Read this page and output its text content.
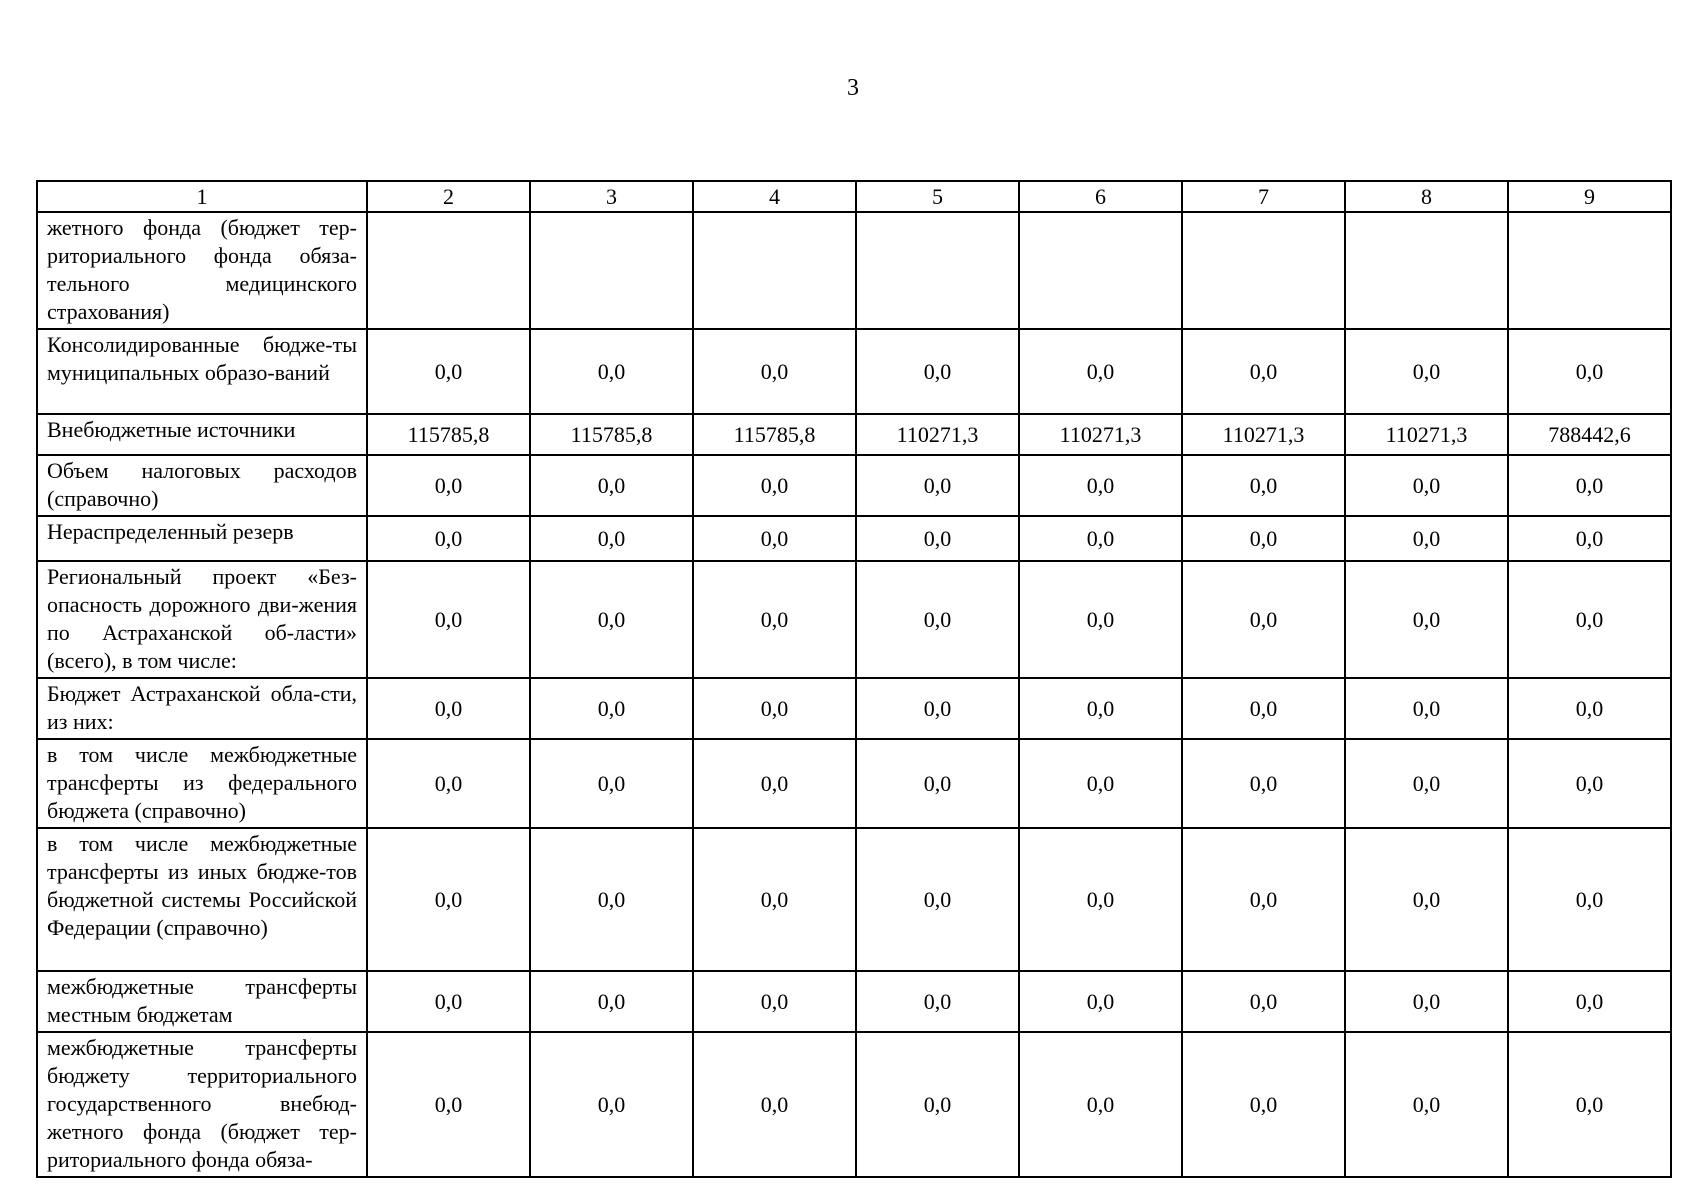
3
1	2	3	4	5	6	7	8	9
жетного фонда (бюджет тер-риториального фонда обяза-тельного медицинского страхования)								
Консолидированные бюдже-ты муниципальных образо-ваний	0,0	0,0	0,0	0,0	0,0	0,0	0,0	0,0
Внебюджетные источники	115785,8	115785,8	115785,8	110271,3	110271,3	110271,3	110271,3	788442,6
Объем налоговых расходов (справочно)	0,0	0,0	0,0	0,0	0,0	0,0	0,0	0,0
Нераспределенный резерв	0,0	0,0	0,0	0,0	0,0	0,0	0,0	0,0
Региональный проект «Без-опасность дорожного дви-жения по Астраханской об-ласти» (всего), в том числе:	0,0	0,0	0,0	0,0	0,0	0,0	0,0	0,0
Бюджет Астраханской обла-сти, из них:	0,0	0,0	0,0	0,0	0,0	0,0	0,0	0,0
в том числе межбюджетные трансферты из федерального бюджета (справочно)	0,0	0,0	0,0	0,0	0,0	0,0	0,0	0,0
в том числе межбюджетные трансферты из иных бюдже-тов бюджетной системы Российской Федерации (справочно)	0,0	0,0	0,0	0,0	0,0	0,0	0,0	0,0
межбюджетные трансферты местным бюджетам	0,0	0,0	0,0	0,0	0,0	0,0	0,0	0,0
межбюджетные трансферты бюджету территориального государственного внебюд-жетного фонда (бюджет тер-риториального фонда обяза-	0,0	0,0	0,0	0,0	0,0	0,0	0,0	0,0
